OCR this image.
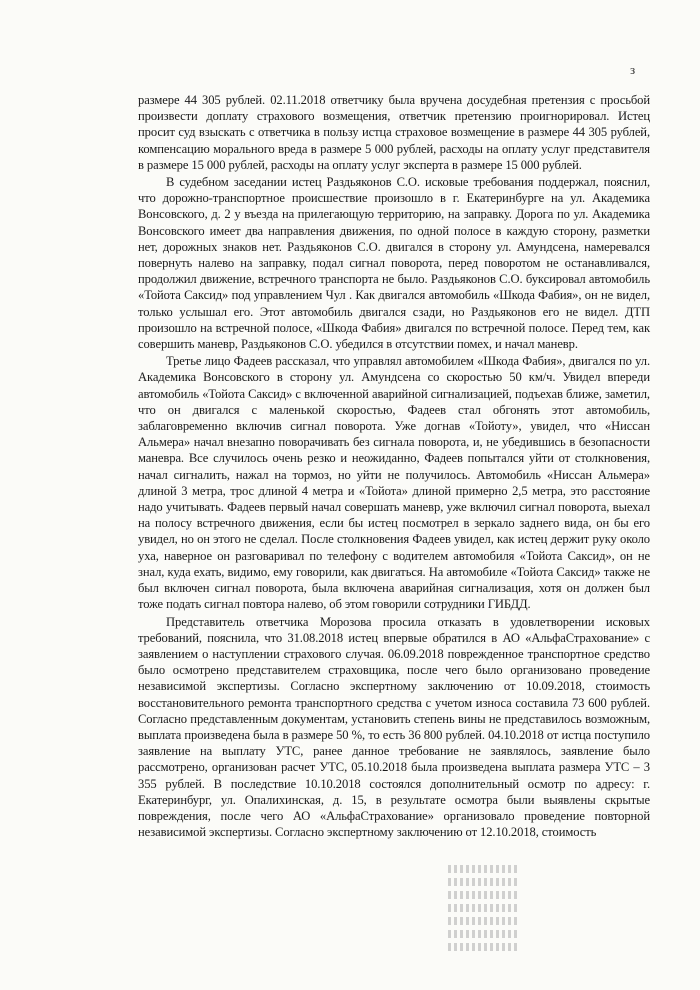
з

размере 44 305 рублей. 02.11.2018 ответчику была вручена досудебная претензия с просьбой произвести доплату страхового возмещения, ответчик претензию проигнорировал. Истец просит суд взыскать с ответчика в пользу истца страховое возмещение в размере 44 305 рублей, компенсацию морального вреда в размере 5 000 рублей, расходы на оплату услуг представителя в размере 15 000 рублей, расходы на оплату услуг эксперта в размере 15 000 рублей.

В судебном заседании истец Раздьяконов С.О. исковые требования поддержал, пояснил, что дорожно-транспортное происшествие произошло в г. Екатеринбурге на ул. Академика Вонсовского, д. 2 у въезда на прилегающую территорию, на заправку. Дорога по ул. Академика Вонсовского имеет два направления движения, по одной полосе в каждую сторону, разметки нет, дорожных знаков нет. Раздьяконов С.О. двигался в сторону ул. Амундсена, намеревался повернуть налево на заправку, подал сигнал поворота, перед поворотом не останавливался, продолжил движение, встречного транспорта не было. Раздьяконов С.О. буксировал автомобиль «Тойота Саксид» под управлением Чул . Как двигался автомобиль «Шкода Фабия», он не видел, только услышал его. Этот автомобиль двигался сзади, но Раздьяконов его не видел. ДТП произошло на встречной полосе, «Шкода Фабия» двигался по встречной полосе. Перед тем, как совершить маневр, Раздьяконов С.О. убедился в отсутствии помех, и начал маневр.

Третье лицо Фадеев рассказал, что управлял автомобилем «Шкода Фабия», двигался по ул. Академика Вонсовского в сторону ул. Амундсена со скоростью 50 км/ч. Увидел впереди автомобиль «Тойота Саксид» с включенной аварийной сигнализацией, подъехав ближе, заметил, что он двигался с маленькой скоростью, Фадеев стал обгонять этот автомобиль, заблаговременно включив сигнал поворота. Уже догнав «Тойоту», увидел, что «Ниссан Альмера» начал внезапно поворачивать без сигнала поворота, и, не убедившись в безопасности маневра. Все случилось очень резко и неожиданно, Фадеев попытался уйти от столкновения, начал сигналить, нажал на тормоз, но уйти не получилось. Автомобиль «Ниссан Альмера» длиной 3 метра, трос длиной 4 метра и «Тойота» длиной примерно 2,5 метра, это расстояние надо учитывать. Фадеев первый начал совершать маневр, уже включил сигнал поворота, выехал на полосу встречного движения, если бы истец посмотрел в зеркало заднего вида, он бы его увидел, но он этого не сделал. После столкновения Фадеев увидел, как истец держит руку около уха, наверное он разговаривал по телефону с водителем автомобиля «Тойота Саксид», он не знал, куда ехать, видимо, ему говорили, как двигаться. На автомобиле «Тойота Саксид» также не был включен сигнал поворота, была включена аварийная сигнализация, хотя он должен был тоже подать сигнал повтора налево, об этом говорили сотрудники ГИБДД.

Представитель ответчика Морозова просила отказать в удовлетворении исковых требований, пояснила, что 31.08.2018 истец впервые обратился в АО «АльфаСтрахование» с заявлением о наступлении страхового случая. 06.09.2018 поврежденное транспортное средство было осмотрено представителем страховщика, после чего было организовано проведение независимой экспертизы. Согласно экспертному заключению от 10.09.2018, стоимость восстановительного ремонта транспортного средства с учетом износа составила 73 600 рублей. Согласно представленным документам, установить степень вины не представилось возможным, выплата произведена была в размере 50 %, то есть 36 800 рублей. 04.10.2018 от истца поступило заявление на выплату УТС, ранее данное требование не заявлялось, заявление было рассмотрено, организован расчет УТС, 05.10.2018 была произведена выплата размера УТС – 3 355 рублей. В последствие 10.10.2018 состоялся дополнительный осмотр по адресу: г. Екатеринбург, ул. Опалихинская, д. 15, в результате осмотра были выявлены скрытые повреждения, после чего АО «АльфаСтрахование» организовало проведение повторной независимой экспертизы. Согласно экспертному заключению от 12.10.2018, стоимость
